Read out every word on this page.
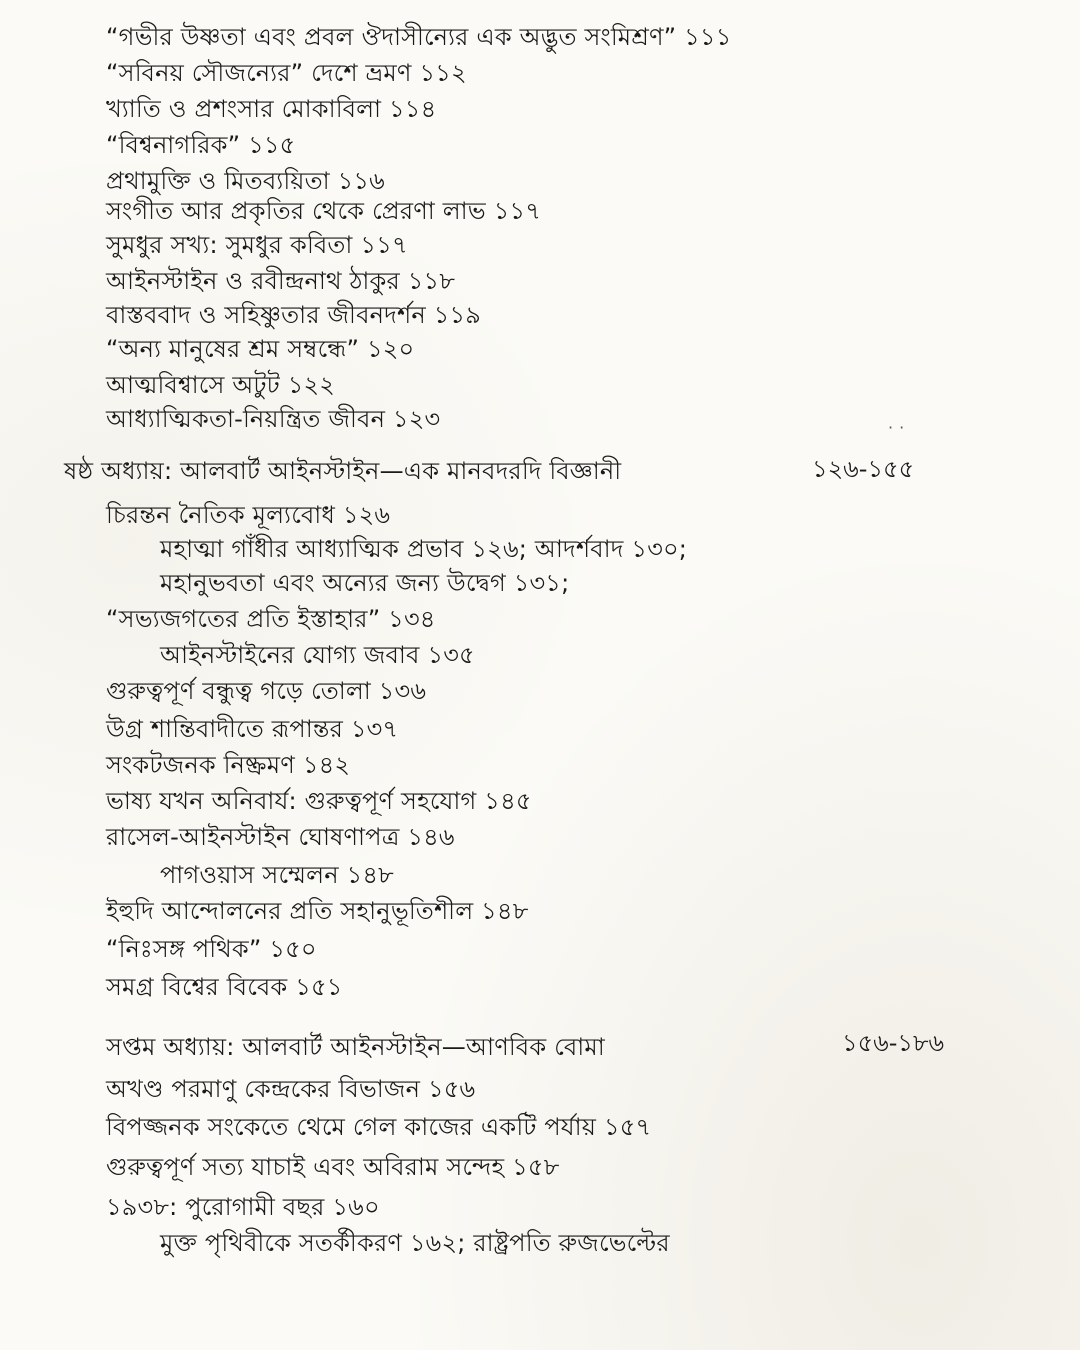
“গভীর উষ্ণতা এবং প্রবল ঔদাসীন্যের এক অদ্ভুত সংমিশ্রণ” ১১১
“সবিনয় সৌজন্যের” দেশে ভ্রমণ ১১২
খ্যাতি ও প্রশংসার মোকাবিলা ১১৪
“বিশ্বনাগরিক” ১১৫
প্রথামুক্তি ও মিতব্যয়িতা ১১৬
সংগীত আর প্রকৃতির থেকে প্রেরণা লাভ ১১৭
সুমধুর সখ্য: সুমধুর কবিতা ১১৭
আইনস্টাইন ও রবীন্দ্রনাথ ঠাকুর ১১৮
বাস্তববাদ ও সহিষ্ণুতার জীবনদর্শন ১১৯
“অন্য মানুষের শ্রম সম্বন্ধে” ১২০
আত্মবিশ্বাসে অটুট ১২২
আধ্যাত্মিকতা-নিয়ন্ত্রিত জীবন ১২৩	··
ষষ্ঠ অধ্যায়: আলবার্ট আইনস্টাইন—এক মানবদরদি বিজ্ঞানী	১২৬-১৫৫
চিরন্তন নৈতিক মূল্যবোধ ১২৬
মহাত্মা গাঁধীর আধ্যাত্মিক প্রভাব ১২৬; আদর্শবাদ ১৩০;
মহানুভবতা এবং অন্যের জন্য উদ্বেগ ১৩১;
“সভ্যজগতের প্রতি ইস্তাহার” ১৩৪
আইনস্টাইনের যোগ্য জবাব ১৩৫
গুরুত্বপূর্ণ বন্ধুত্ব গড়ে তোলা ১৩৬
উগ্র শান্তিবাদীতে রূপান্তর ১৩৭
সংকটজনক নিষ্ক্রমণ ১৪২
ভাষ্য যখন অনিবার্য: গুরুত্বপূর্ণ সহযোগ ১৪৫
রাসেল-আইনস্টাইন ঘোষণাপত্র ১৪৬
পাগওয়াস সম্মেলন ১৪৮
ইহুদি আন্দোলনের প্রতি সহানুভূতিশীল ১৪৮
“নিঃসঙ্গ পথিক” ১৫০
সমগ্র বিশ্বের বিবেক ১৫১
সপ্তম অধ্যায়: আলবার্ট আইনস্টাইন—আণবিক বোমা	১৫৬-১৮৬
অখণ্ড পরমাণু কেন্দ্রকের বিভাজন ১৫৬
বিপজ্জনক সংকেতে থেমে গেল কাজের একটি পর্যায় ১৫৭
গুরুত্বপূর্ণ সত্য যাচাই এবং অবিরাম সন্দেহ ১৫৮
১৯৩৮: পুরোগামী বছর ১৬০
মুক্ত পৃথিবীকে সতর্কীকরণ ১৬২; রাষ্ট্রপতি রুজভেল্টের
